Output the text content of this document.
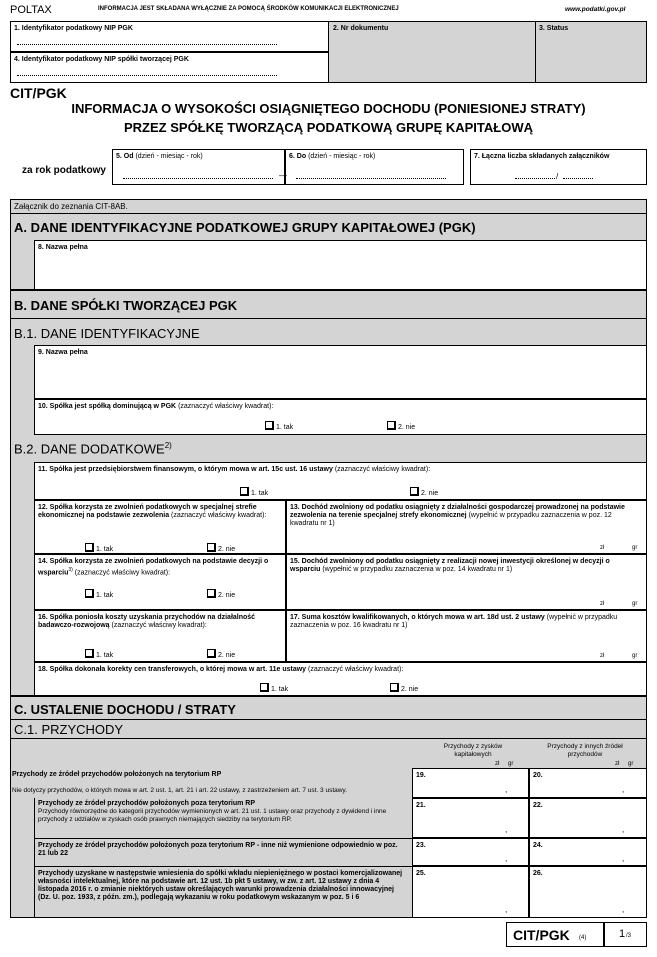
POLTAX	INFORMACJA JEST SKŁADANA WYŁĄCZNIE ZA POMOCĄ ŚRODKÓW KOMUNIKACJI ELEKTRONICZNEJ	www.podatki.gov.pl
1. Identyfikator podatkowy NIP PGK
4. Identyfikator podatkowy NIP spółki tworzącej PGK
2. Nr dokumentu	3. Status
CIT/PGK
INFORMACJA O WYSOKOŚCI OSIĄGNIĘTEGO DOCHODU (PONIESIONEJ STRATY)
PRZEZ SPÓŁKĘ TWORZĄCĄ PODATKOWĄ GRUPĘ KAPITAŁOWĄ
za rok podatkowy
5. Od (dzień - miesiąc - rok)	6. Do (dzień - miesiąc - rok)
—
7. Łączna liczba składanych załączników
/
Załącznik do zeznania CIT-8AB.
A. DANE IDENTYFIKACYJNE PODATKOWEJ GRUPY KAPITAŁOWEJ (PGK)
8. Nazwa pełna
B. DANE SPÓŁKI TWORZĄCEJ PGK
B.1. DANE IDENTYFIKACYJNE
9. Nazwa pełna
10. Spółka jest spółką dominującą w PGK (zaznaczyć właściwy kwadrat):
1. tak	2. nie
B.2. DANE DODATKOWE$^{2)}$
11. Spółka jest przedsiębiorstwem finansowym, o którym mowa w art. 15c ust. 16 ustawy (zaznaczyć właściwy kwadrat):
1. tak	2. nie
12. Spółka korzysta ze zwolnień podatkowych w specjalnej strefie ekonomicznej na podstawie zezwolenia (zaznaczyć właściwy kwadrat):
1. tak	2. nie
13. Dochód zwolniony od podatku osiągnięty z działalności gospodarczej prowadzonej na podstawie zezwolenia na terenie specjalnej strefy ekonomicznej (wypełnić w przypadku zaznaczenia w poz. 12 kwadratu nr 1)
zł	gr
14. Spółka korzysta ze zwolnień podatkowych na podstawie decyzji o wsparciu$^{3)}$ (zaznaczyć właściwy kwadrat):
1. tak	2. nie
15. Dochód zwolniony od podatku osiągnięty z realizacji nowej inwestycji określonej w decyzji o wsparciu (wypełnić w przypadku zaznaczenia w poz. 14 kwadratu nr 1)
zł	gr
16. Spółka poniosła koszty uzyskania przychodów na działalność badawczo-rozwojową (zaznaczyć właściwy kwadrat):
1. tak	2. nie
17. Suma kosztów kwalifikowanych, o których mowa w art. 18d ust. 2 ustawy (wypełnić w przypadku zaznaczenia w poz. 16 kwadratu nr 1)
zł	gr
18. Spółka dokonała korekty cen transferowych, o której mowa w art. 11e ustawy (zaznaczyć właściwy kwadrat):
1. tak	2. nie
C. USTALENIE DOCHODU / STRATY
C.1. PRZYCHODY
Przychody z zysków kapitałowych
Przychody z innych źródeł przychodów
zł gr	zł gr
Przychody ze źródeł przychodów położonych na terytorium RP
Nie dotyczy przychodów, o których mowa w art. 2 ust. 1, art. 21 i art. 22 ustawy, z zastrzeżeniem art. 7 ust. 3 ustawy.
19.
,
20.
,
Przychody ze źródeł przychodów położonych poza terytorium RP
Przychody równorzędne do kategorii przychodów wymienionych w art. 21 ust. 1 ustawy oraz przychody z dywidend i inne przychody z udziałów w zyskach osób prawnych niemających siedziby na terytorium RP.
21.
,
22.
,
Przychody ze źródeł przychodów położonych poza terytorium RP - inne niż wymienione odpowiednio w poz. 21 lub 22
23.
,
24.
,
Przychody uzyskane w następstwie wniesienia do spółki wkładu niepieniężnego w postaci komercjalizowanej własności intelektualnej, które na podstawie art. 12 ust. 1b pkt 5 ustawy, w zw. z art. 12 ustawy z dnia 4 listopada 2016 r. o zmianie niektórych ustaw określających warunki prowadzenia działalności innowacyjnej (Dz. U. poz. 1933, z późn. zm.), podlegają wykazaniu w roku podatkowym wskazanym w poz. 5 i 6
25.
,
26.
,
CIT/PGK (4)	1 /3
